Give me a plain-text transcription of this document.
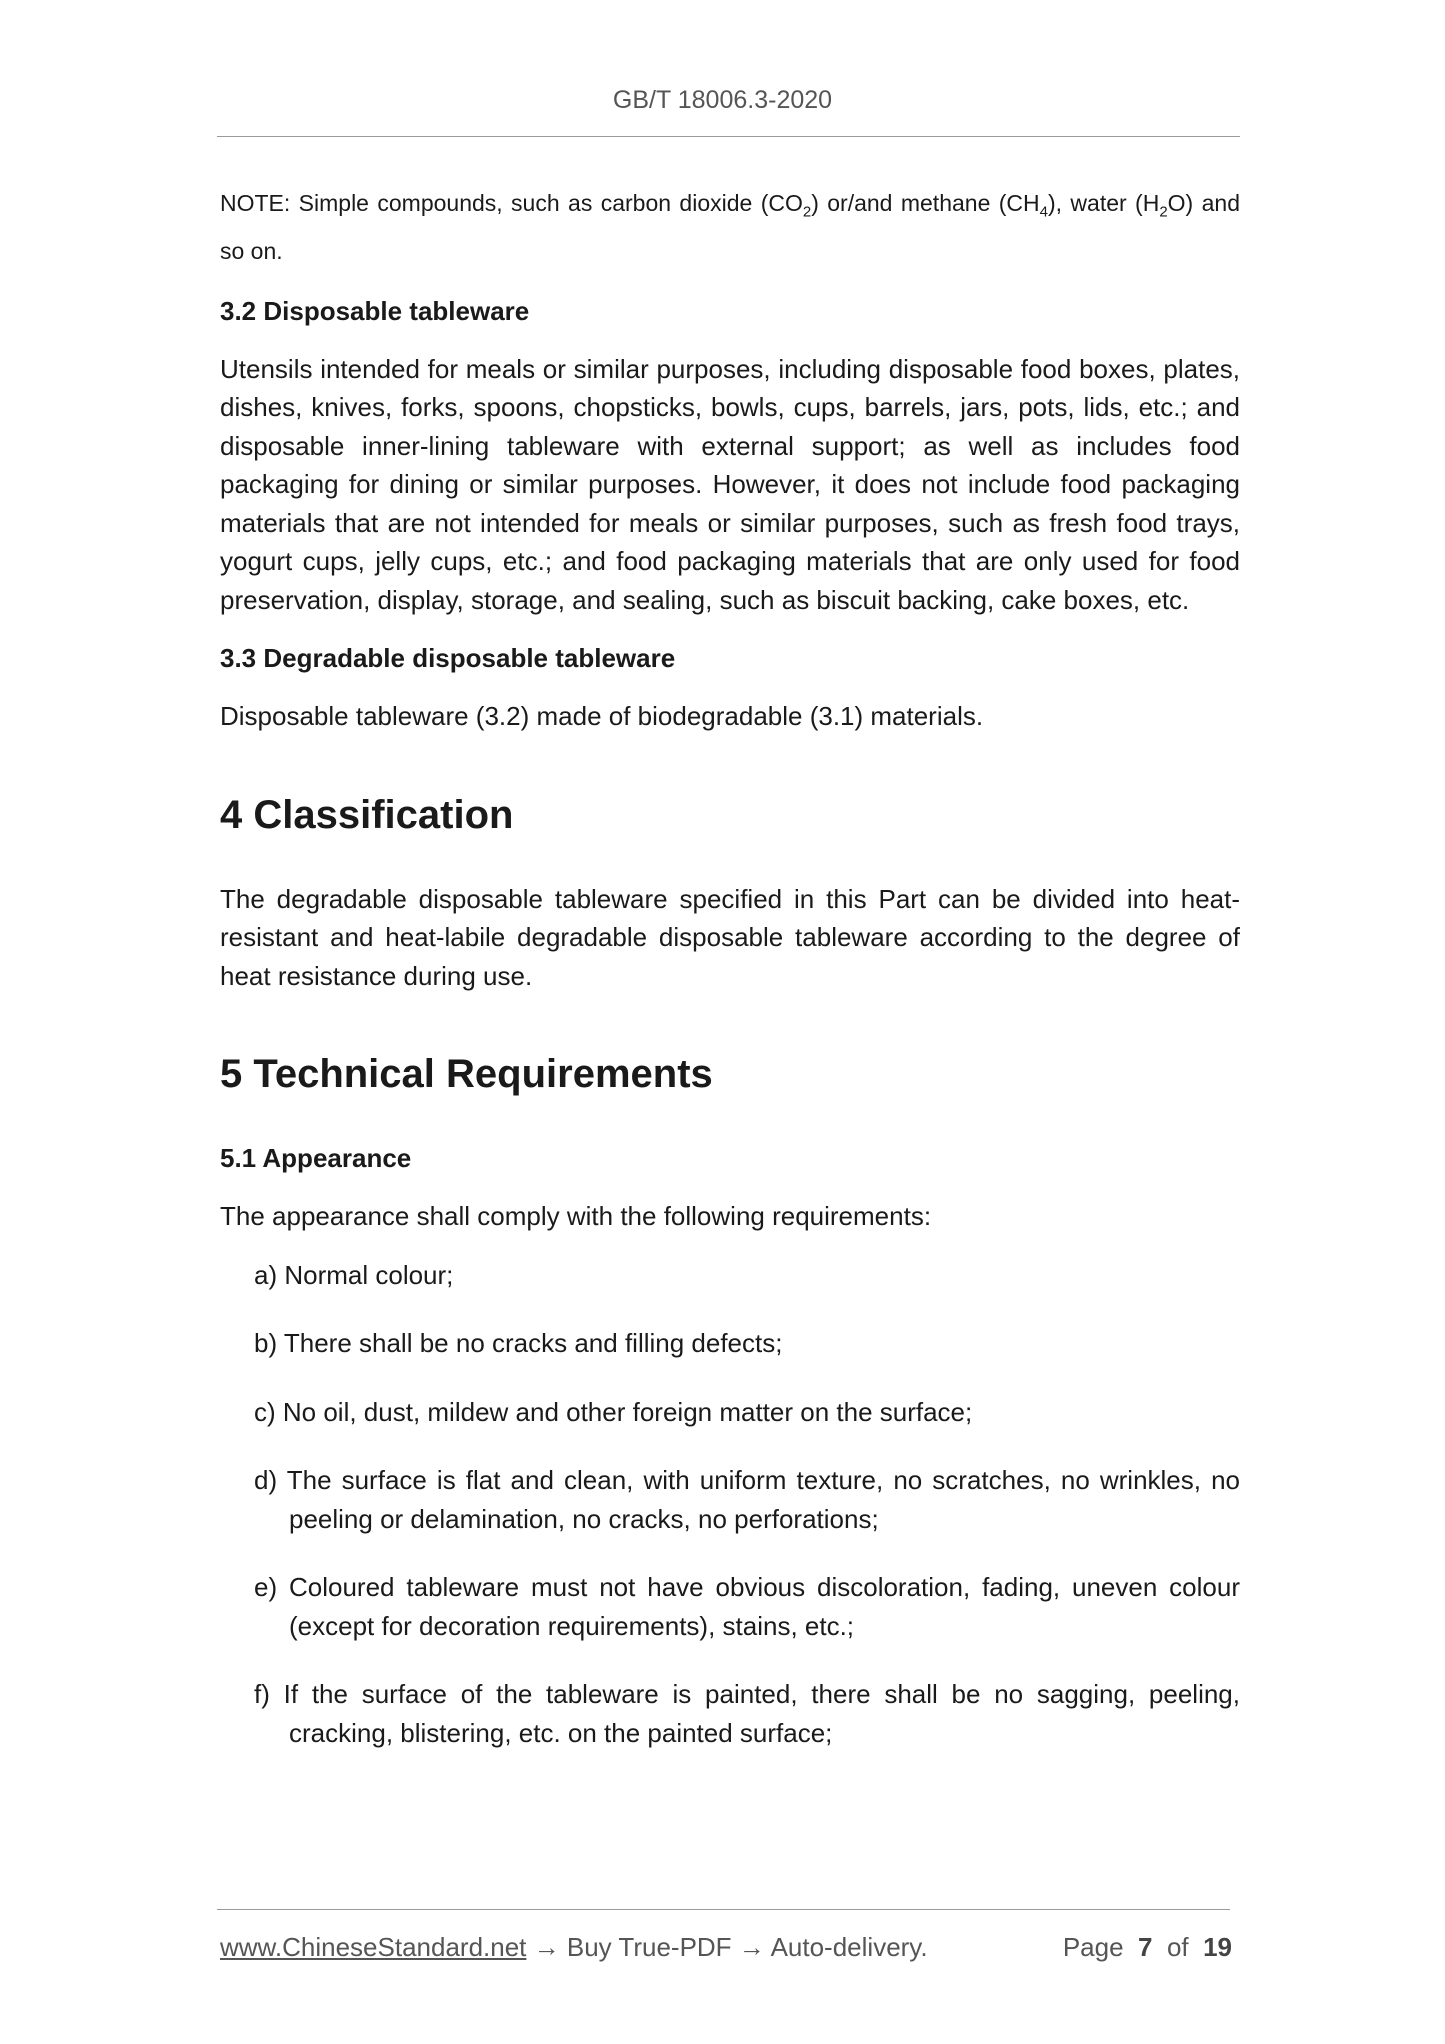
GB/T 18006.3-2020

NOTE: Simple compounds, such as carbon dioxide $(CO_2)$ or/and methane $(CH_4)$, water $(H_2O)$ and so on.

3.2 Disposable tableware

Utensils intended for meals or similar purposes, including disposable food boxes, plates, dishes, knives, forks, spoons, chopsticks, bowls, cups, barrels, jars, pots, lids, etc.; and disposable inner-lining tableware with external support; as well as includes food packaging for dining or similar purposes. However, it does not include food packaging materials that are not intended for meals or similar purposes, such as fresh food trays, yogurt cups, jelly cups, etc.; and food packaging materials that are only used for food preservation, display, storage, and sealing, such as biscuit backing, cake boxes, etc.

3.3 Degradable disposable tableware

Disposable tableware (3.2) made of biodegradable (3.1) materials.

4 Classification

The degradable disposable tableware specified in this Part can be divided into heat-resistant and heat-labile degradable disposable tableware according to the degree of heat resistance during use.

5 Technical Requirements
5.1 Appearance

The appearance shall comply with the following requirements:

a) Normal colour;
b) There shall be no cracks and filling defects;
c) No oil, dust, mildew and other foreign matter on the surface;
d) The surface is flat and clean, with uniform texture, no scratches, no wrinkles, no peeling or delamination, no cracks, no perforations;
e) Coloured tableware must not have obvious discoloration, fading, uneven colour (except for decoration requirements), stains, etc.;
f) If the surface of the tableware is painted, there shall be no sagging, peeling, cracking, blistering, etc. on the painted surface;
www.ChineseStandard.net → Buy True-PDF → Auto-delivery.	Page 7 of 19
